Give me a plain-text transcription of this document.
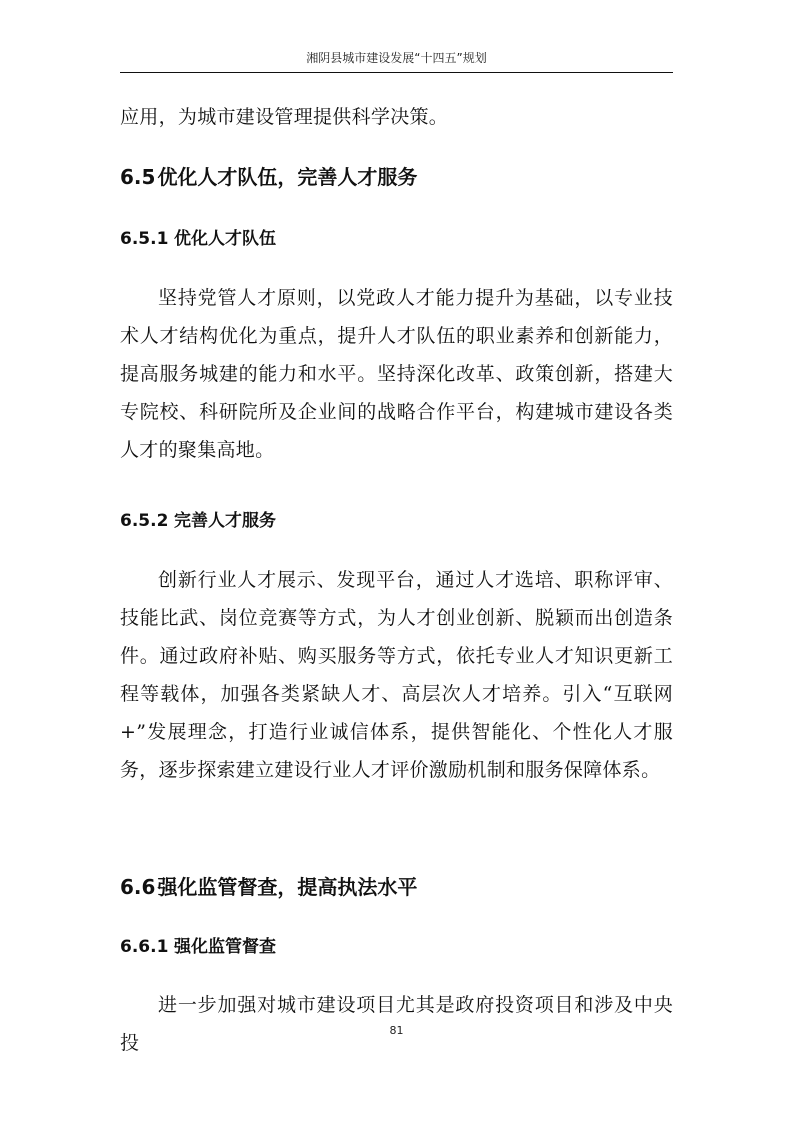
湘阴县城市建设发展“十四五”规划
应用，为城市建设管理提供科学决策。
6.5 优化人才队伍，完善人才服务
6.5.1 优化人才队伍
坚持党管人才原则，以党政人才能力提升为基础，以专业技术人才结构优化为重点，提升人才队伍的职业素养和创新能力，提高服务城建的能力和水平。坚持深化改革、政策创新，搭建大专院校、科研院所及企业间的战略合作平台，构建城市建设各类人才的聚集高地。
6.5.2 完善人才服务
创新行业人才展示、发现平台，通过人才选培、职称评审、技能比武、岗位竞赛等方式，为人才创业创新、脱颖而出创造条件。通过政府补贴、购买服务等方式，依托专业人才知识更新工程等载体，加强各类紧缺人才、高层次人才培养。引入“互联网+”发展理念，打造行业诚信体系，提供智能化、个性化人才服务，逐步探索建立建设行业人才评价激励机制和服务保障体系。
6.6 强化监管督查，提高执法水平
6.6.1 强化监管督查
进一步加强对城市建设项目尤其是政府投资项目和涉及中央投
81
